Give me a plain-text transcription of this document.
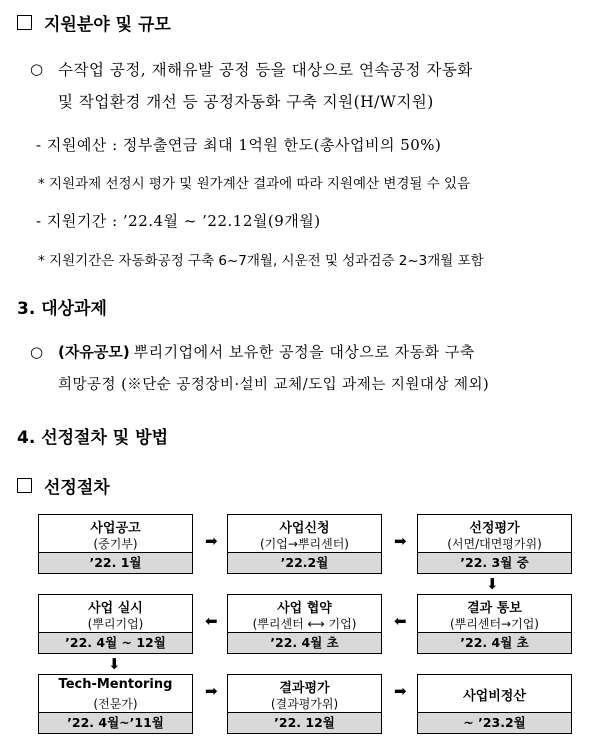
지원분야 및 규모
○ 수작업 공정, 재해유발 공정 등을 대상으로 연속공정 자동화
및 작업환경 개선 등 공정자동화 구축 지원(H/W지원)
- 지원예산 : 정부출연금 최대 1억원 한도(총사업비의 50%)
* 지원과제 선정시 평가 및 원가계산 결과에 따라 지원예산 변경될 수 있음
- 지원기간 : ’22.4월 ~ ’22.12월(9개월)
* 지원기간은 자동화공정 구축 6~7개월, 시운전 및 성과검증 2~3개월 포함
3. 대상과제
○ (자유공모) 뿌리기업에서 보유한 공정을 대상으로 자동화 구축
희망공정 (※단순 공정장비·설비 교체/도입 과제는 지원대상 제외)
4. 선정절차 및 방법
선정절차
사업공고
(중기부)
’22. 1월
➡
사업신청
(기업→뿌리센터)
’22.2월
➡
선정평가
(서면/대면평가위)
’22. 3월 중
⬇
사업 실시
(뿌리기업)
’22. 4월 ~ 12월
⬅
사업 협약
(뿌리센터 ⟷ 기업)
’22. 4월 초
⬅
결과 통보
(뿌리센터→기업)
’22. 4월 초
⬇
Tech-Mentoring
(전문가)
’22. 4월~’11월
➡	결과평가
(결과평가위)
’22. 12월
➡	사업비정산
~ ’23.2월
